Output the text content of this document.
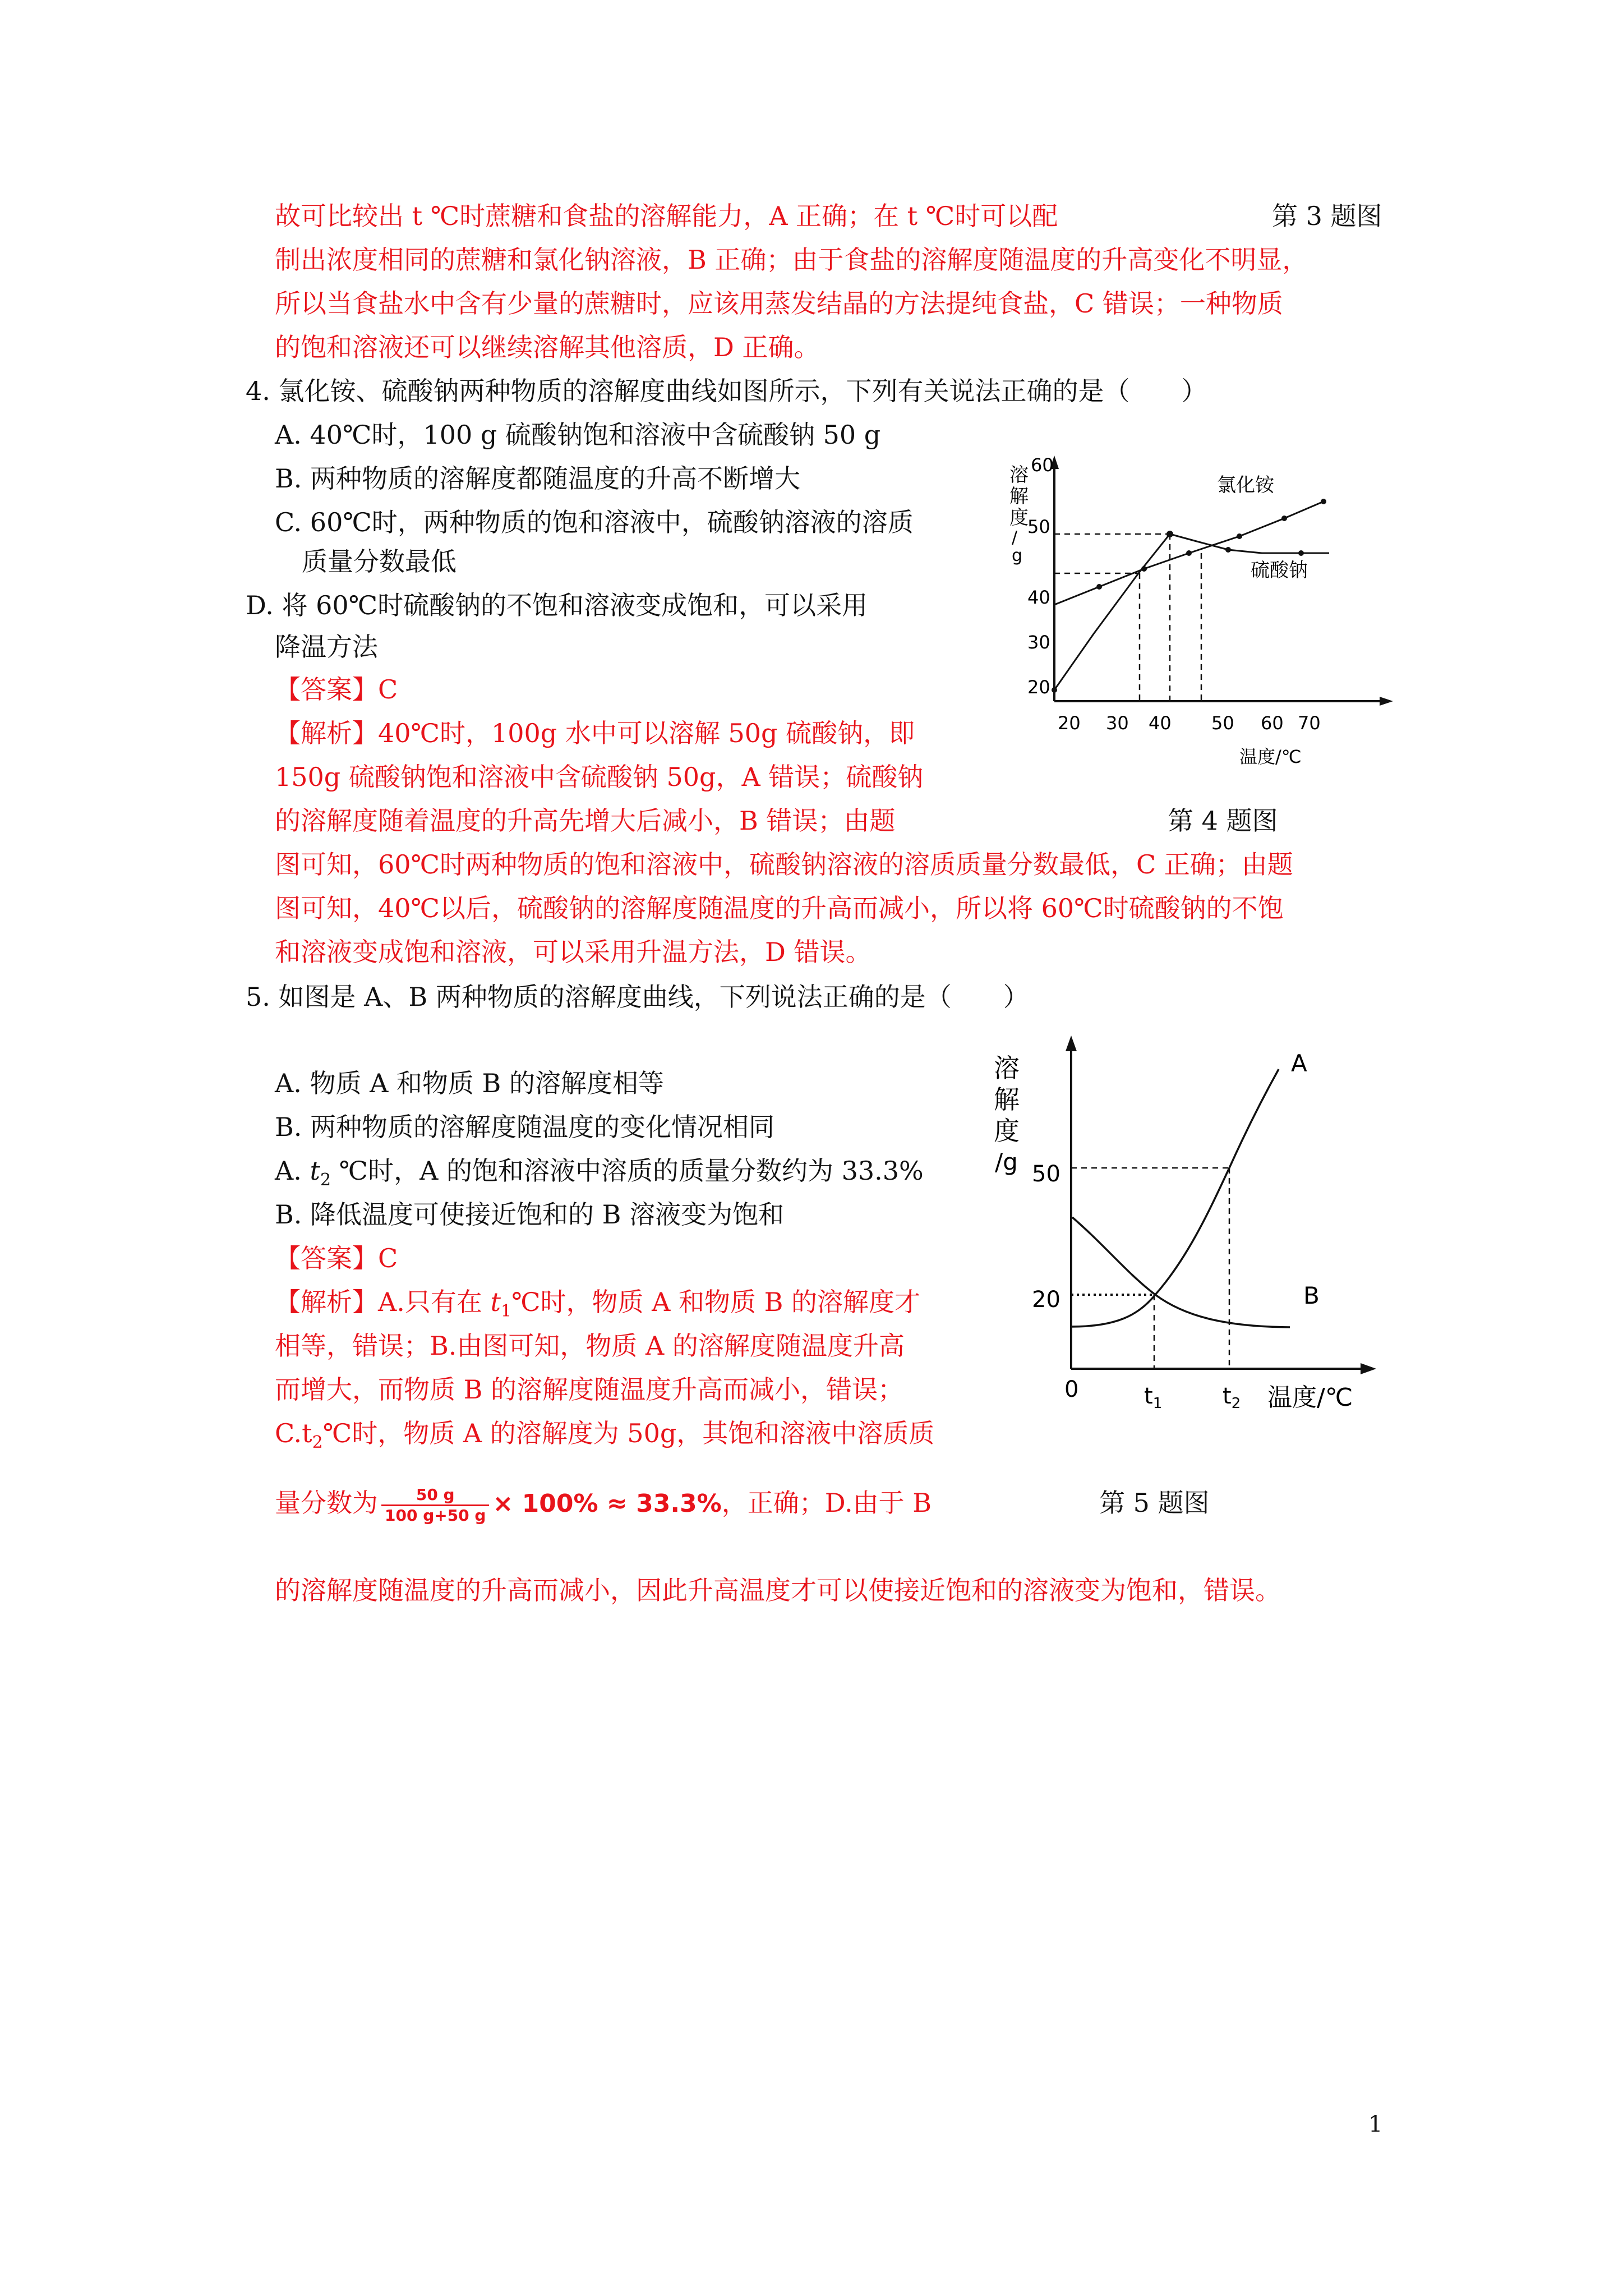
故可比较出 t ℃时蔗糖和食盐的溶解能力，A 正确；在 t ℃时可以配	第 3 题图
制出浓度相同的蔗糖和氯化钠溶液，B 正确；由于食盐的溶解度随温度的升高变化不明显，
所以当食盐水中含有少量的蔗糖时，应该用蒸发结晶的方法提纯食盐，C 错误；一种物质
的饱和溶液还可以继续溶解其他溶质，D 正确。
4. 氯化铵、硫酸钠两种物质的溶解度曲线如图所示，下列有关说法正确的是（　　）
A. 40℃时，100 g 硫酸钠饱和溶液中含硫酸钠 50 g
B. 两种物质的溶解度都随温度的升高不断增大
C. 60℃时，两种物质的饱和溶液中，硫酸钠溶液的溶质
质量分数最低
D. 将 60℃时硫酸钠的不饱和溶液变成饱和，可以采用
降温方法
【答案】C
【解析】40℃时，100g 水中可以溶解 50g 硫酸钠，即
150g 硫酸钠饱和溶液中含硫酸钠 50g，A 错误；硫酸钠
的溶解度随着温度的升高先增大后减小，B 错误；由题	第 4 题图
图可知，60℃时两种物质的饱和溶液中，硫酸钠溶液的溶质质量分数最低，C 正确；由题
图可知，40℃以后，硫酸钠的溶解度随温度的升高而减小，所以将 60℃时硫酸钠的不饱
和溶液变成饱和溶液，可以采用升温方法，D 错误。
溶
解
度
/
g
20
30
40
50
60
20 30 40 50 60 70
温度/℃
氯化铵
硫酸钠
5. 如图是 A、B 两种物质的溶解度曲线，下列说法正确的是（　　）
A. 物质 A 和物质 B 的溶解度相等
B. 两种物质的溶解度随温度的变化情况相同
A. $t_2$ ℃时，A 的饱和溶液中溶质的质量分数约为 33.3%
B. 降低温度可使接近饱和的 B 溶液变为饱和
【答案】C
【解析】A.只有在 $t_1℃$时，物质 A 和物质 B 的溶解度才
相等，错误；B.由图可知，物质 A 的溶解度随温度升高
而增大，而物质 B 的溶解度随温度升高而减小，错误；
$C.t_2℃$时，物质 A 的溶解度为 50g，其饱和溶液中溶质质
量分数为 $\frac{50 g}{100 g+50 g} \times 100\% \approx 33.3\%$，正确；D.由于 B	第 5 题图
的溶解度随温度的升高而减小，因此升高温度才可以使接近饱和的溶液变为饱和，错误。
溶
解
度
/g 50
20
0	$t_1$	$t_2$ 温度/℃
A
B
1
